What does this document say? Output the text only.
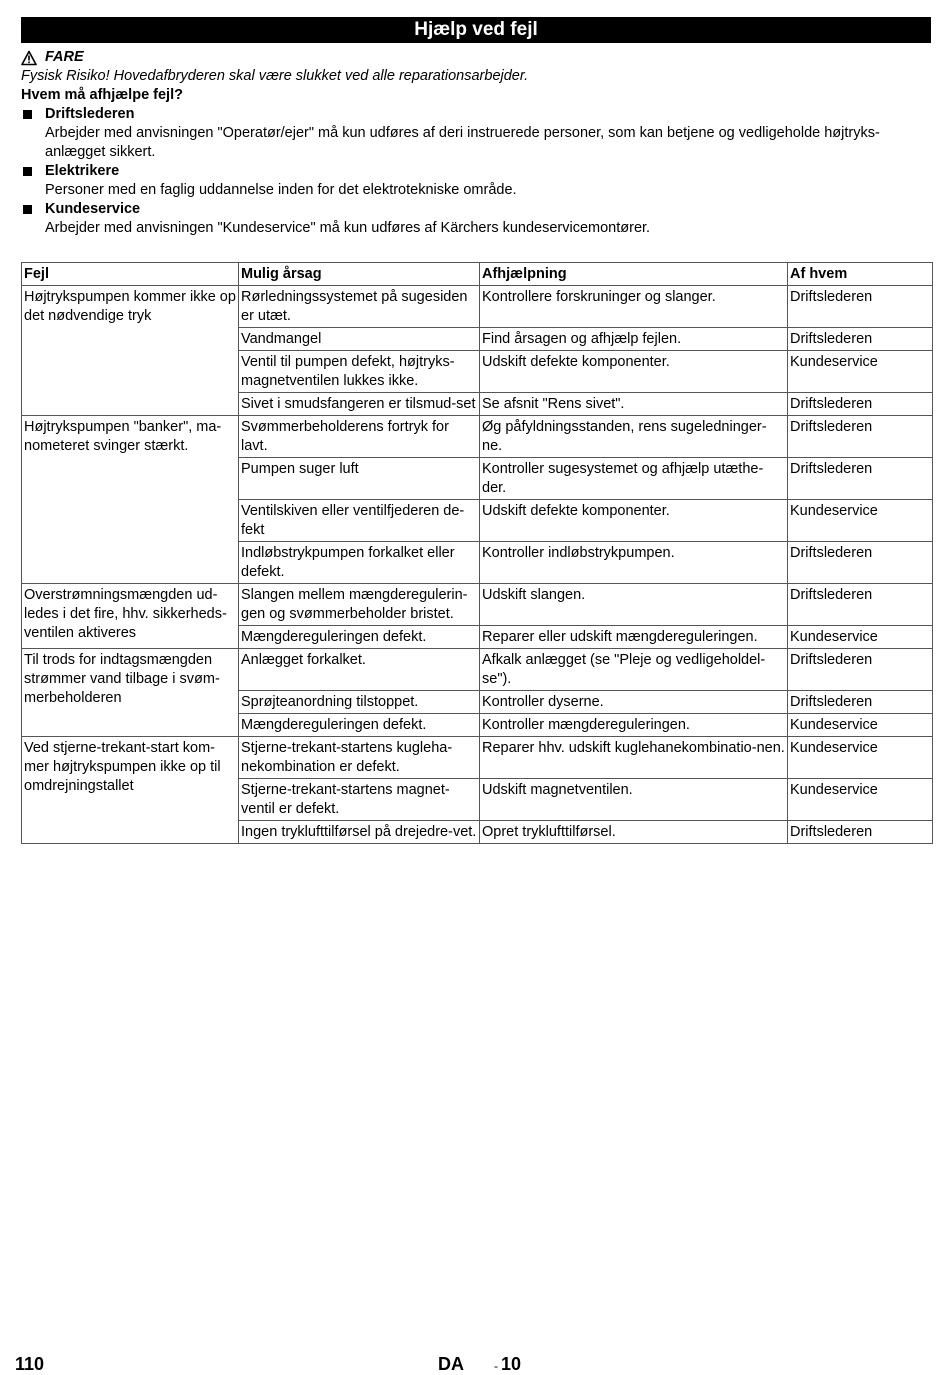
Hjælp ved fejl
FARE
Fysisk Risiko! Hovedafbryderen skal være slukket ved alle reparationsarbejder.
Hvem må afhjælpe fejl?
Driftslederen
Arbejder med anvisningen "Operatør/ejer" må kun udføres af deri instruerede personer, som kan betjene og vedligeholde højtryks-anlægget sikkert.
Elektrikere
Personer med en faglig uddannelse inden for det elektrotekniske område.
Kundeservice
Arbejder med anvisningen "Kundeservice" må kun udføres af Kärchers kundeservicemontører.
Fejl	Mulig årsag	Afhjælpning	Af hvem
Højtrykspumpen kommer ikke op det nødvendige tryk	Rørledningssystemet på sugesiden er utæt.	Kontrollere forskruninger og slanger.	Driftslederen
	Vandmangel	Find årsagen og afhjælp fejlen.	Driftslederen
	Ventil til pumpen defekt, højtryks-magnetventilen lukkes ikke.	Udskift defekte komponenter.	Kundeservice
	Sivet i smudsfangeren er tilsmud-set	Se afsnit "Rens sivet".	Driftslederen
Højtrykspumpen "banker", ma-nometeret svinger stærkt.	Svømmerbeholderens fortryk for lavt.	Øg påfyldningsstanden, rens sugeledninger-ne.	Driftslederen
	Pumpen suger luft	Kontroller sugesystemet og afhjælp utæthe-der.	Driftslederen
	Ventilskiven eller ventilfjederen de-fekt	Udskift defekte komponenter.	Kundeservice
	Indløbstrykpumpen forkalket eller defekt.	Kontroller indløbstrykpumpen.	Driftslederen
Overstrømningsmængden ud-ledes i det fire, hhv. sikkerheds-ventilen aktiveres	Slangen mellem mængderegulerin-gen og svømmerbeholder bristet.	Udskift slangen.	Driftslederen
	Mængdereguleringen defekt.	Reparer eller udskift mængdereguleringen.	Kundeservice
Til trods for indtagsmængden strømmer vand tilbage i svøm-merbeholderen	Anlægget forkalket.	Afkalk anlægget (se "Pleje og vedligeholdel-se").	Driftslederen
	Sprøjteanordning tilstoppet.	Kontroller dyserne.	Driftslederen
	Mængdereguleringen defekt.	Kontroller mængdereguleringen.	Kundeservice
Ved stjerne-trekant-start kom-mer højtrykspumpen ikke op til omdrejningstallet	Stjerne-trekant-startens kugleha-nekombination er defekt.	Reparer hhv. udskift kuglehanekombinatio-nen.	Kundeservice
	Stjerne-trekant-startens magnet-ventil er defekt.	Udskift magnetventilen.	Kundeservice
	Ingen tryklufttilførsel på drejedre-vet.	Opret tryklufttilførsel.	Driftslederen
110	DA	- 10
